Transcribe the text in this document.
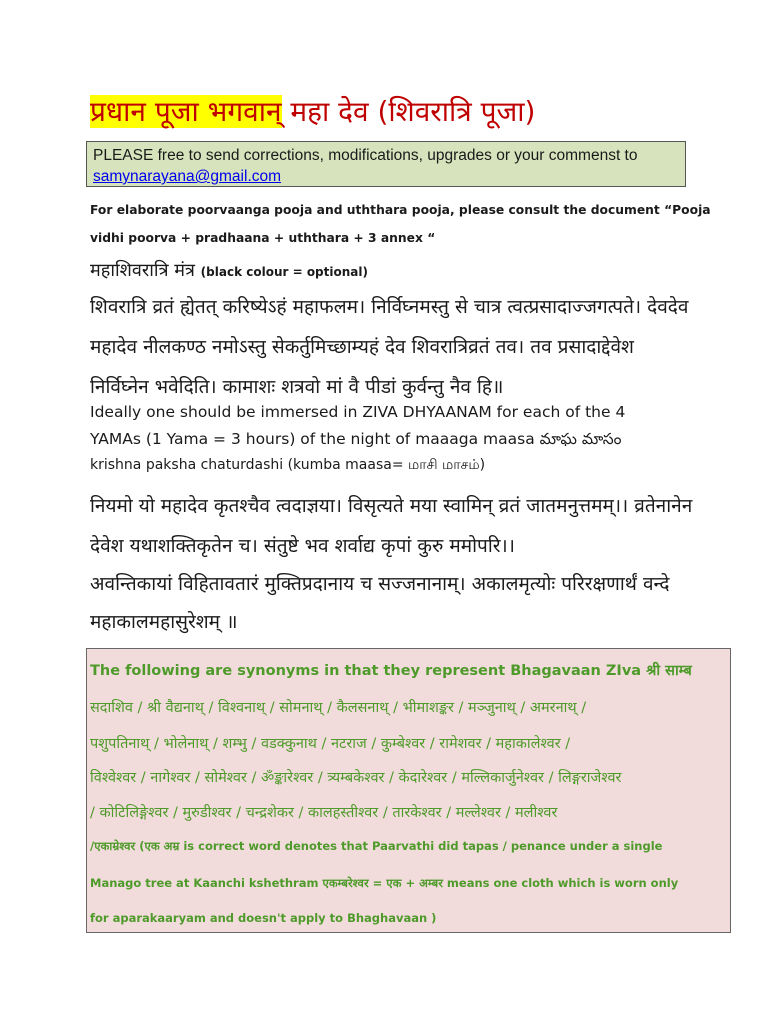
प्रधान पूजा भगवान् महा देव (शिवरात्रि पूजा)
PLEASE free to send corrections, modifications, upgrades or your commenst to
samynarayana@gmail.com
For elaborate poorvaanga pooja and uththara pooja, please consult the document “Pooja
vidhi poorva + pradhaana + uththara + 3 annex “
महाशिवरात्रि मंत्र (black colour = optional)
शिवरात्रि व्रतं ह्येतत् करिष्येऽहं महाफलम। निर्विघ्नमस्तु से चात्र त्वत्प्रसादाज्जगत्पते। देवदेव
महादेव नीलकण्ठ नमोऽस्तु सेकर्तुमिच्छाम्यहं देव शिवरात्रिव्रतं तव। तव प्रसादाद्देवेश
निर्विघ्नेन भवेदिति। कामाशः शत्रवो मां वै पीडां कुर्वन्तु नैव हि॥
Ideally one should be immersed in ZIVA DHYAANAM for each of the 4
YAMAs (1 Yama = 3 hours) of the night of maaaga maasa మాఘ మాసం
krishna paksha chaturdashi (kumba maasa= மாசி மாசம்)
नियमो यो महादेव कृतश्चैव त्वदाज्ञया। विसृत्यते मया स्वामिन् व्रतं जातमनुत्तमम्।। व्रतेनानेन
देवेश यथाशक्तिकृतेन च। संतुष्टे भव शर्वाद्य कृपां कुरु ममोपरि।।
अवन्तिकायां विहितावतारं मुक्तिप्रदानाय च सज्जनानाम्। अकालमृत्योः परिरक्षणार्थं वन्दे
महाकालमहासुरेशम् ॥
The following are synonyms in that they represent Bhagavaan ZIva श्री साम्ब
सदाशिव / श्री वैद्यनाथ् / विश्वनाथ् / सोमनाथ् / कैलसनाथ् / भीमाशङ्कर / मञ्जुनाथ् / अमरनाथ् /
पशुपतिनाथ् / भोलेनाथ् / शम्भु / वडक्कुनाथ / नटराज / कुम्बेश्वर / रामेशवर / महाकालेश्वर /
विश्वेश्वर / नागेश्वर / सोमेश्वर / ॐङ्कारेश्वर / त्र्यम्बकेश्वर / केदारेश्वर / मल्लिकार्जुनेश्वर / लिङ्गराजेश्वर
/ कोटिलिङ्गेश्वर / मुरुडीश्वर / चन्द्रशेकर / कालहस्तीश्वर / तारकेश्वर / मल्लेश्वर / मलीश्वर
/एकाम्रेश्वर (एक अम्र is correct word denotes that Paarvathi did tapas / penance under a single
Manago tree at Kaanchi kshethram एकम्बरेश्वर = एक + अम्बर means one cloth which is worn only
for aparakaaryam and doesn't apply to Bhaghavaan )
